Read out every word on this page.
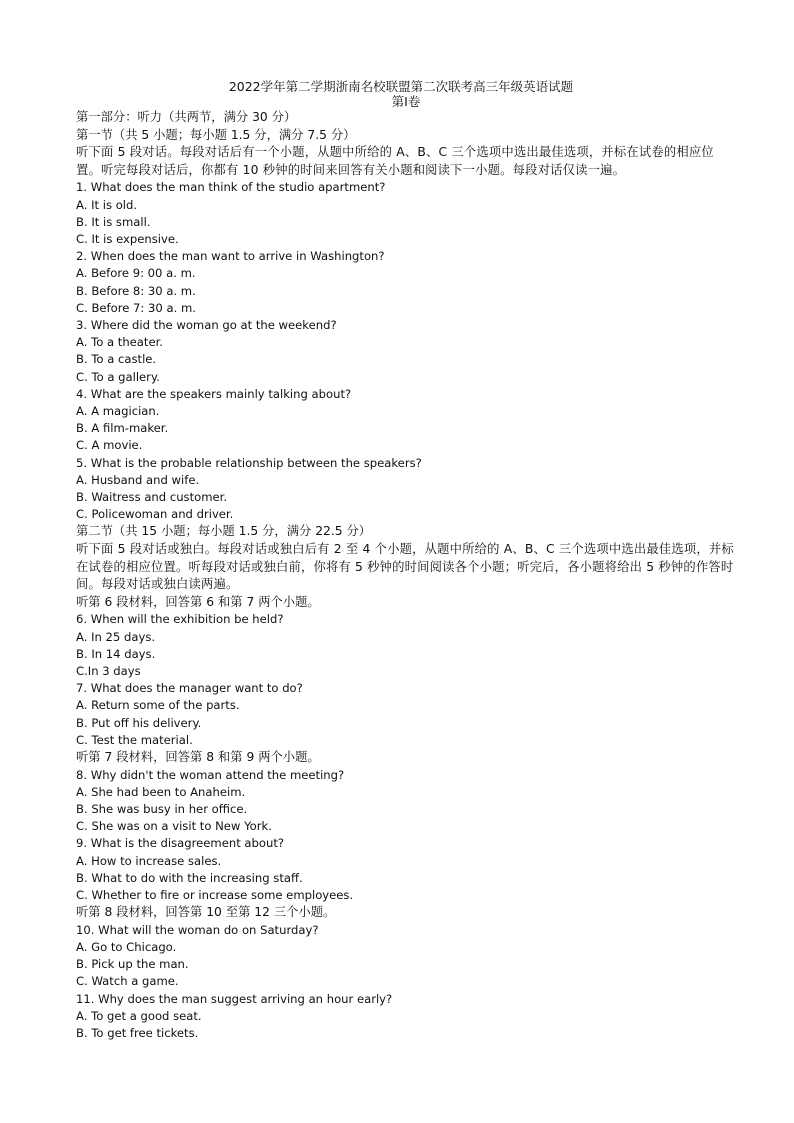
2022学年第二学期浙南名校联盟第二次联考高三年级英语试题
第Ⅰ卷
第一部分：听力（共两节，满分 30 分）
第一节（共 5 小题；每小题 1.5 分，满分 7.5 分）
听下面 5 段对话。每段对话后有一个小题，从题中所给的 A、B、C 三个选项中选出最佳选项，并标在试卷的相应位置。听完每段对话后，你都有 10 秒钟的时间来回答有关小题和阅读下一小题。每段对话仅读一遍。
1. What does the man think of the studio apartment?
A. It is old.
B. It is small.
C. It is expensive.
2. When does the man want to arrive in Washington?
A. Before 9: 00 a. m.
B. Before 8: 30 a. m.
C. Before 7: 30 a. m.
3. Where did the woman go at the weekend?
A. To a theater.
B. To a castle.
C. To a gallery.
4. What are the speakers mainly talking about?
A. A magician.
B. A film-maker.
C. A movie.
5. What is the probable relationship between the speakers?
A. Husband and wife.
B. Waitress and customer.
C. Policewoman and driver.
第二节（共 15 小题；每小题 1.5 分，满分 22.5 分）
听下面 5 段对话或独白。每段对话或独白后有 2 至 4 个小题，从题中所给的 A、B、C 三个选项中选出最佳选项，并标在试卷的相应位置。听每段对话或独白前，你将有 5 秒钟的时间阅读各个小题；听完后，各小题将给出 5 秒钟的作答时间。每段对话或独白读两遍。
听第 6 段材料，回答第 6 和第 7 两个小题。
6. When will the exhibition be held?
A. In 25 days.
B. In 14 days.
C.In 3 days
7. What does the manager want to do?
A. Return some of the parts.
B. Put off his delivery.
C. Test the material.
听第 7 段材料，回答第 8 和第 9 两个小题。
8. Why didn't the woman attend the meeting?
A. She had been to Anaheim.
B. She was busy in her office.
C. She was on a visit to New York.
9. What is the disagreement about?
A. How to increase sales.
B. What to do with the increasing staff.
C. Whether to fire or increase some employees.
听第 8 段材料，回答第 10 至第 12 三个小题。
10. What will the woman do on Saturday?
A. Go to Chicago.
B. Pick up the man.
C. Watch a game.
11. Why does the man suggest arriving an hour early?
A. To get a good seat.
B. To get free tickets.
